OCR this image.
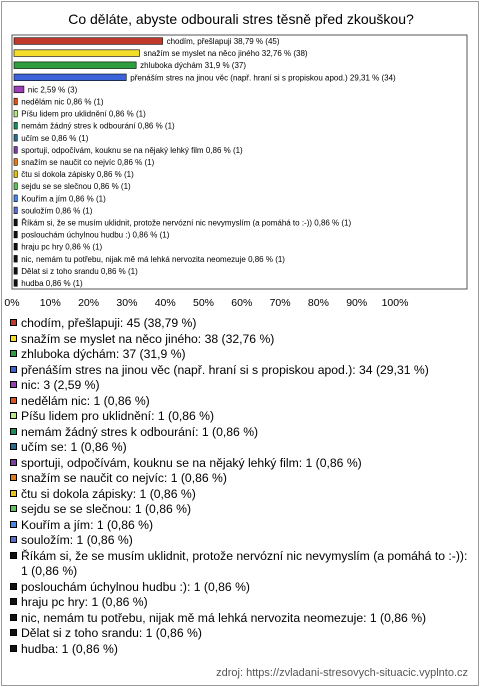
Co děláte, abyste odbourali stres těsně před zkouškou?
chodím, přešlapuji 38,79 % (45)
snažím se myslet na něco jiného 32,76 % (38)
zhluboka dýchám 31,9 % (37)
přenáším stres na jinou věc (např. hraní si s propiskou apod.) 29,31 % (34)
nic 2,59 % (3)
nedělám nic 0,86 % (1)
Píšu lidem pro uklidnění 0,86 % (1)
nemám žádný stres k odbourání 0,86 % (1)
učím se 0,86 % (1)
sportuji, odpočívám, kouknu se na nějaký lehký film 0,86 % (1)
snažím se naučit co nejvíc 0,86 % (1)
čtu si dokola zápisky 0,86 % (1)
sejdu se se slečnou 0,86 % (1)
Kouřím a jím 0,86 % (1)
souložím 0,86 % (1)
Říkám si, že se musím uklidnit, protože nervózní nic nevymyslím (a pomáhá to :-)) 0,86 % (1)
poslouchám úchylnou hudbu :) 0,86 % (1)
hraju pc hry 0,86 % (1)
nic, nemám tu potřebu, nijak mě má lehká nervozita neomezuje 0,86 % (1)
Dělat si z toho srandu 0,86 % (1)
hudba 0,86 % (1)
0% 10% 20% 30% 40% 50% 60% 70% 80% 90% 100%
chodím, přešlapuji: 45 (38,79 %)
snažím se myslet na něco jiného: 38 (32,76 %)
zhluboka dýchám: 37 (31,9 %)
přenáším stres na jinou věc (např. hraní si s propiskou apod.): 34 (29,31 %)
nic: 3 (2,59 %)
nedělám nic: 1 (0,86 %)
Píšu lidem pro uklidnění: 1 (0,86 %)
nemám žádný stres k odbourání: 1 (0,86 %)
učím se: 1 (0,86 %)
sportuji, odpočívám, kouknu se na nějaký lehký film: 1 (0,86 %)
snažím se naučit co nejvíc: 1 (0,86 %)
čtu si dokola zápisky: 1 (0,86 %)
sejdu se se slečnou: 1 (0,86 %)
Kouřím a jím: 1 (0,86 %)
souložím: 1 (0,86 %)
Říkám si, že se musím uklidnit, protože nervózní nic nevymyslím (a pomáhá to :-)): 1 (0,86 %)
poslouchám úchylnou hudbu :): 1 (0,86 %)
hraju pc hry: 1 (0,86 %)
nic, nemám tu potřebu, nijak mě má lehká nervozita neomezuje: 1 (0,86 %)
Dělat si z toho srandu: 1 (0,86 %)
hudba: 1 (0,86 %)
zdroj: https://zvladani-stresovych-situacic.vyplnto.cz
